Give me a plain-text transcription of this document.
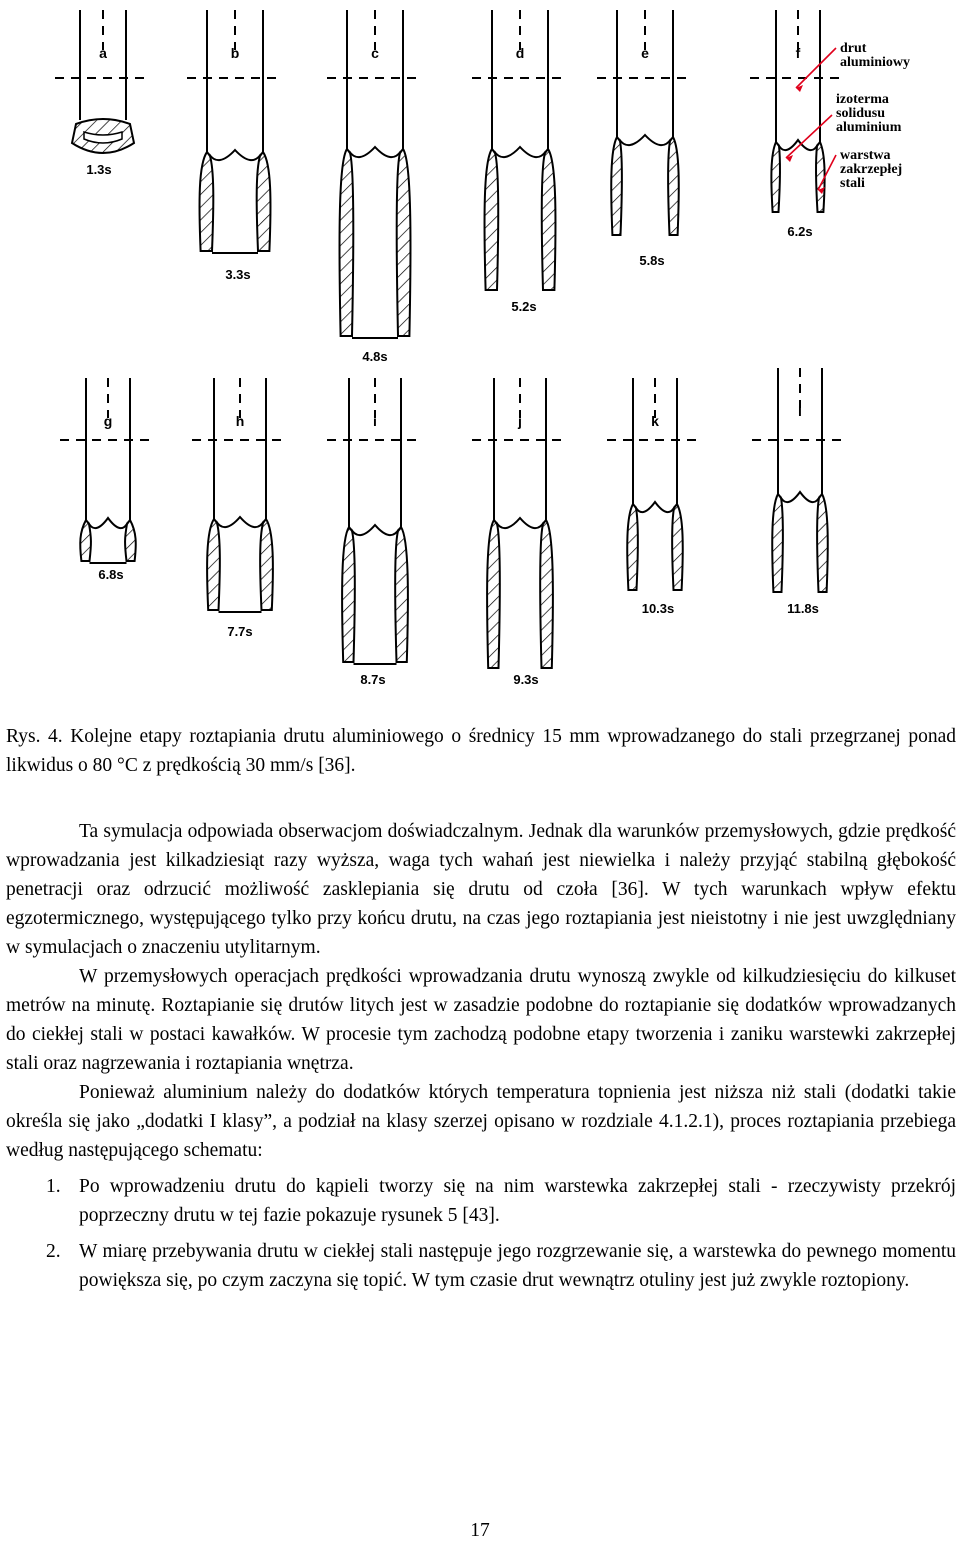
a
1.3s
b
3.3s
c
4.8s
d
5.2s
e
5.8s
f
6.2s
g
6.8s
h
7.7s
i
8.7s
j
9.3s
k
10.3s
l
11.8s
drut
aluminiowy
izoterma
solidusu
aluminium
warstwa
zakrzepłej
stali

Rys. 4. Kolejne etapy roztapiania drutu aluminiowego o średnicy 15 mm wprowadzanego do stali przegrzanej ponad likwidus o 80 °C z prędkością 30 mm/s [36].

Ta symulacja odpowiada obserwacjom doświadczalnym. Jednak dla warunków przemysłowych, gdzie prędkość wprowadzania jest kilkadziesiąt razy wyższa, waga tych wahań jest niewielka i należy przyjąć stabilną głębokość penetracji oraz odrzucić możliwość zasklepiania się drutu od czoła [36]. W tych warunkach wpływ efektu egzotermicznego, występującego tylko przy końcu drutu, na czas jego roztapiania jest nieistotny i nie jest uwzględniany w symulacjach o znaczeniu utylitarnym.

W przemysłowych operacjach prędkości wprowadzania drutu wynoszą zwykle od kilkudziesięciu do kilkuset metrów na minutę. Roztapianie się drutów litych jest w zasadzie podobne do roztapianie się dodatków wprowadzanych do ciekłej stali w postaci kawałków. W procesie tym zachodzą podobne etapy tworzenia i zaniku warstewki zakrzepłej stali oraz nagrzewania i roztapiania wnętrza.

Ponieważ aluminium należy do dodatków których temperatura topnienia jest niższa niż stali (dodatki takie określa się jako „dodatki I klasy”, a podział na klasy szerzej opisano w rozdziale 4.1.2.1), proces roztapiania przebiega według następującego schematu:

1. Po wprowadzeniu drutu do kąpieli tworzy się na nim warstewka zakrzepłej stali - rzeczywisty przekrój poprzeczny drutu w tej fazie pokazuje rysunek 5 [43].
2. W miarę przebywania drutu w ciekłej stali następuje jego rozgrzewanie się, a warstewka do pewnego momentu powiększa się, po czym zaczyna się topić. W tym czasie drut wewnątrz otuliny jest już zwykle roztopiony.
17
